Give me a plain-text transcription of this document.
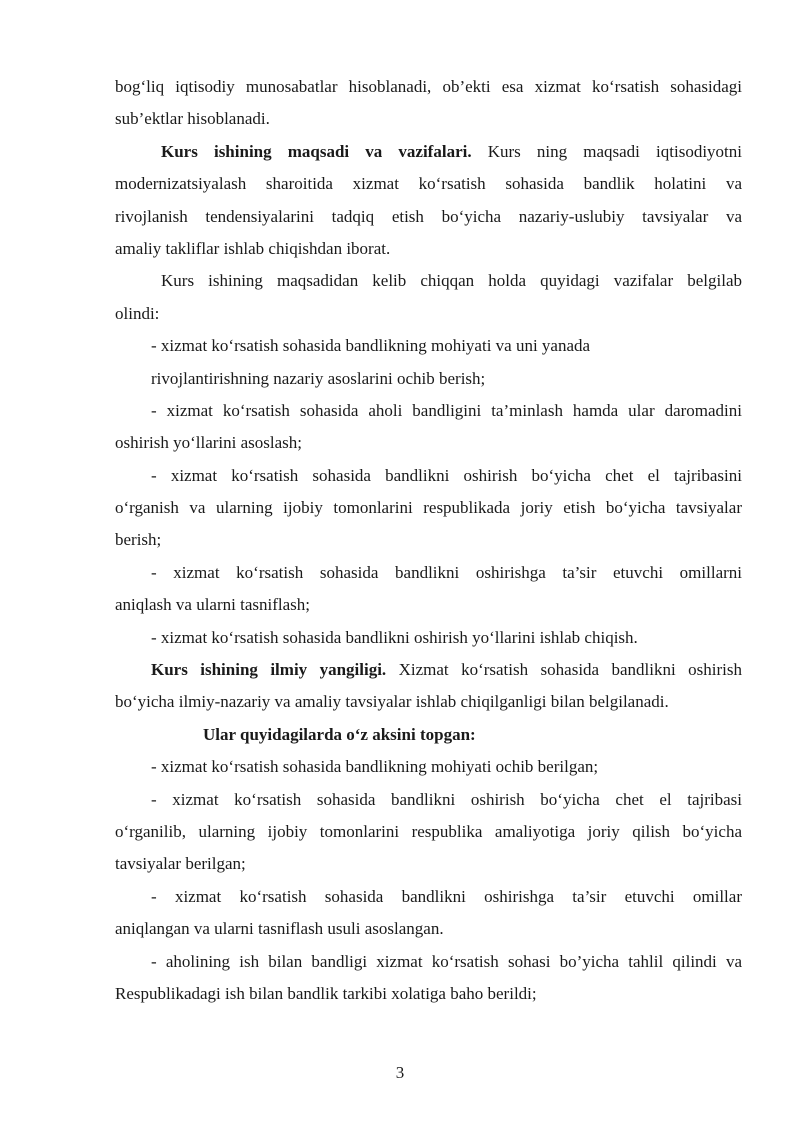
bog‘liq iqtisodiy munosabatlar hisoblanadi, ob’ekti esa xizmat ko‘rsatish sohasidagi
sub’ektlar hisoblanadi.
Kurs ishining maqsadi va vazifalari. Kurs ning maqsadi iqtisodiyotni
modernizatsiyalash sharoitida xizmat ko‘rsatish sohasida bandlik holatini va
rivojlanish tendensiyalarini tadqiq etish bo‘yicha nazariy-uslubiy tavsiyalar va
amaliy takliflar ishlab chiqishdan iborat.
Kurs ishining maqsadidan kelib chiqqan holda quyidagi vazifalar belgilab
olindi:
- xizmat ko‘rsatish sohasida bandlikning mohiyati va uni yanada
rivojlantirishning nazariy asoslarini ochib berish;
- xizmat ko‘rsatish sohasida aholi bandligini ta’minlash hamda ular daromadini
oshirish yo‘llarini asoslash;
- xizmat ko‘rsatish sohasida bandlikni oshirish bo‘yicha chet el tajribasini
o‘rganish va ularning ijobiy tomonlarini respublikada joriy etish bo‘yicha tavsiyalar
berish;
- xizmat ko‘rsatish sohasida bandlikni oshirishga ta’sir etuvchi omillarni
aniqlash va ularni tasniflash;
- xizmat ko‘rsatish sohasida bandlikni oshirish yo‘llarini ishlab chiqish.
Kurs ishining ilmiy yangiligi. Xizmat ko‘rsatish sohasida bandlikni oshirish
bo‘yicha ilmiy-nazariy va amaliy tavsiyalar ishlab chiqilganligi bilan belgilanadi.
Ular quyidagilarda o‘z aksini topgan:
- xizmat ko‘rsatish sohasida bandlikning mohiyati ochib berilgan;
- xizmat ko‘rsatish sohasida bandlikni oshirish bo‘yicha chet el tajribasi
o‘rganilib, ularning ijobiy tomonlarini respublika amaliyotiga joriy qilish bo‘yicha
tavsiyalar berilgan;
- xizmat ko‘rsatish sohasida bandlikni oshirishga ta’sir etuvchi omillar
aniqlangan va ularni tasniflash usuli asoslangan.
- aholining ish bilan bandligi xizmat ko‘rsatish sohasi bo’yicha tahlil qilindi va
Respublikadagi ish bilan bandlik tarkibi xolatiga baho berildi;
3
